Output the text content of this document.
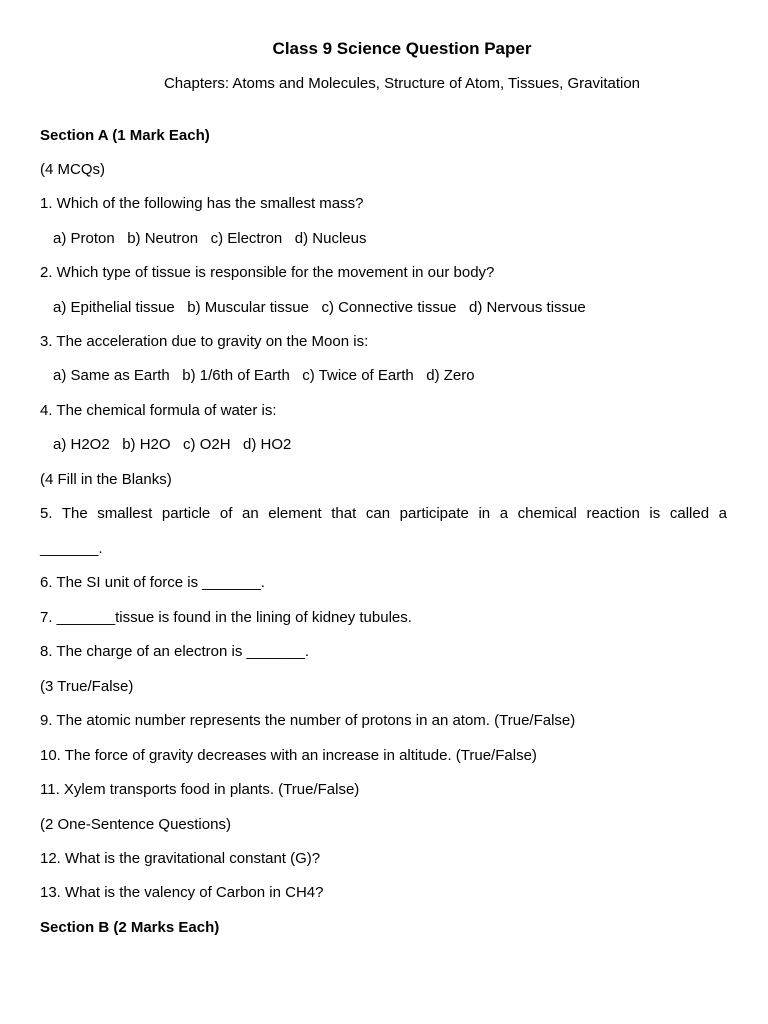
Class 9 Science Question Paper
Chapters: Atoms and Molecules, Structure of Atom, Tissues, Gravitation
Section A (1 Mark Each)
(4 MCQs)
1. Which of the following has the smallest mass?
a) Proton   b) Neutron   c) Electron   d) Nucleus
2. Which type of tissue is responsible for the movement in our body?
a) Epithelial tissue   b) Muscular tissue   c) Connective tissue   d) Nervous tissue
3. The acceleration due to gravity on the Moon is:
a) Same as Earth   b) 1/6th of Earth   c) Twice of Earth   d) Zero
4. The chemical formula of water is:
a) H2O2   b) H2O   c) O2H   d) HO2
(4 Fill in the Blanks)
5. The smallest particle of an element that can participate in a chemical reaction is called a
_______.
6. The SI unit of force is _______.
7. _______tissue is found in the lining of kidney tubules.
8. The charge of an electron is _______.
(3 True/False)
9. The atomic number represents the number of protons in an atom. (True/False)
10. The force of gravity decreases with an increase in altitude. (True/False)
11. Xylem transports food in plants. (True/False)
(2 One-Sentence Questions)
12. What is the gravitational constant (G)?
13. What is the valency of Carbon in CH4?
Section B (2 Marks Each)
